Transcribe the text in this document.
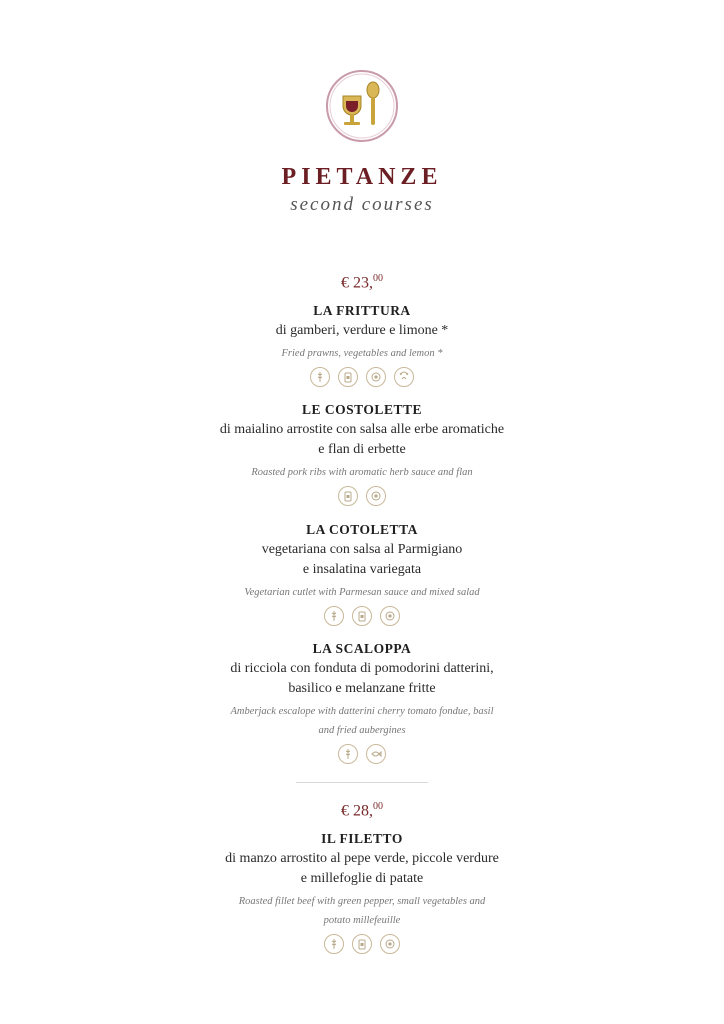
PIETANZE
second courses
€ 23,00
LA FRITTURA
di gamberi, verdure e limone *
Fried prawns, vegetables and lemon *
LE COSTOLETTE
di maialino arrostite con salsa alle erbe aromatiche
e flan di erbette
Roasted pork ribs with aromatic herb sauce and flan
LA COTOLETTA
vegetariana con salsa al Parmigiano
e insalatina variegata
Vegetarian cutlet with Parmesan sauce and mixed salad
LA SCALOPPA
di ricciola con fonduta di pomodorini datterini,
basilico e melanzane fritte
Amberjack escalope with datterini cherry tomato fondue, basil
and fried aubergines
€ 28,00
IL FILETTO
di manzo arrostito al pepe verde, piccole verdure
e millefoglie di patate
Roasted fillet beef with green pepper, small vegetables and
potato millefeuille
